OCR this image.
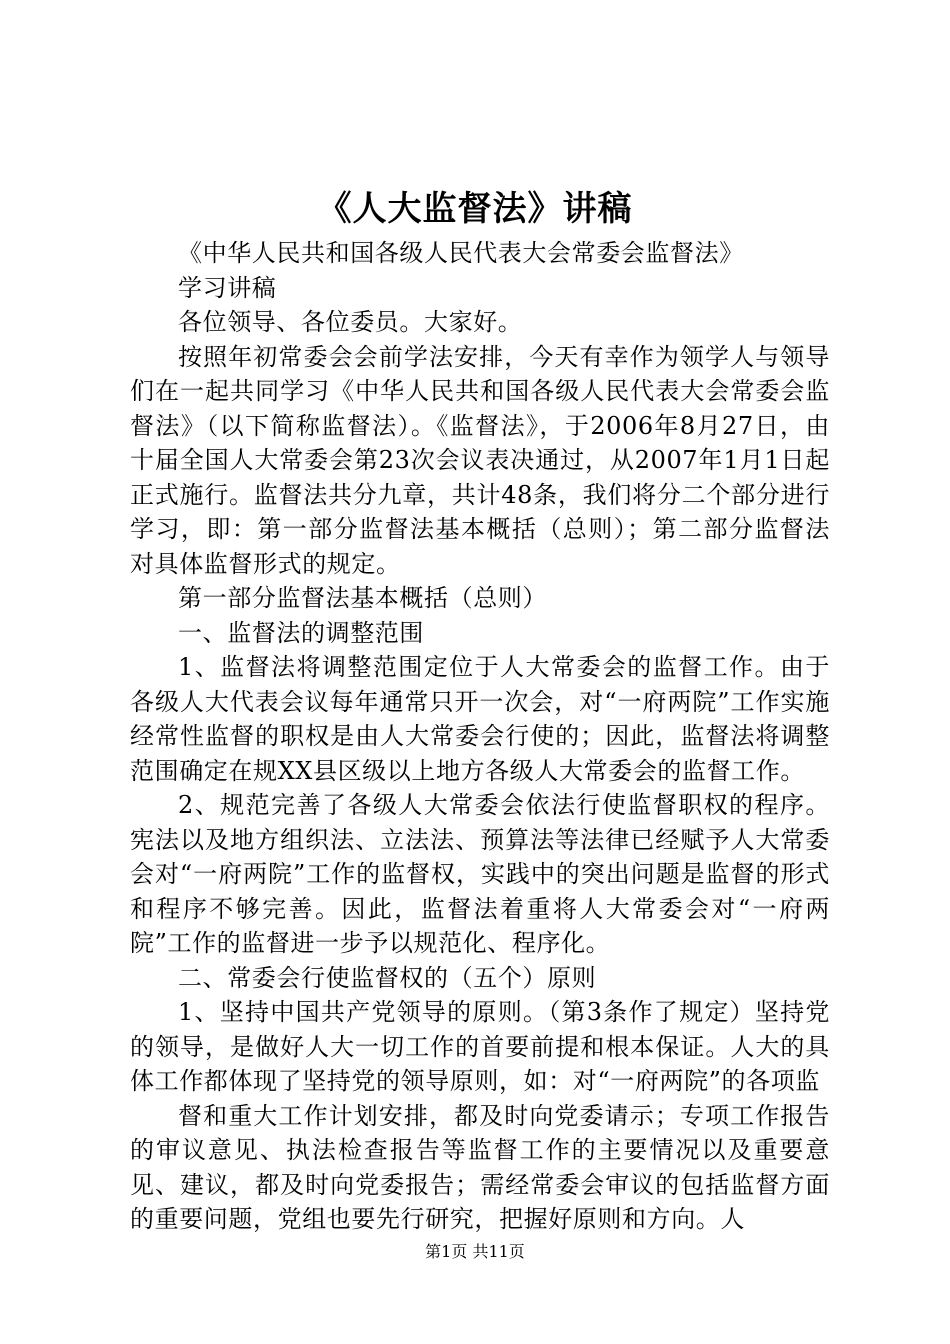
《人大监督法》讲稿

《中华人民共和国各级人民代表大会常委会监督法》

学习讲稿

各位领导、各位委员。大家好。

按照年初常委会会前学法安排，今天有幸作为领学人与领导们在一起共同学习《中华人民共和国各级人民代表大会常委会监督法》（以下简称监督法）。《监督法》，于2006年8月27日，由十届全国人大常委会第23次会议表决通过，从2007年1月1日起正式施行。监督法共分九章，共计48条，我们将分二个部分进行学习，即：第一部分监督法基本概括（总则）；第二部分监督法对具体监督形式的规定。

第一部分监督法基本概括（总则）

一、监督法的调整范围

1、监督法将调整范围定位于人大常委会的监督工作。由于各级人大代表会议每年通常只开一次会，对“一府两院”工作实施经常性监督的职权是由人大常委会行使的；因此，监督法将调整范围确定在规XX县区级以上地方各级人大常委会的监督工作。

2、规范完善了各级人大常委会依法行使监督职权的程序。宪法以及地方组织法、立法法、预算法等法律已经赋予人大常委会对“一府两院”工作的监督权，实践中的突出问题是监督的形式和程序不够完善。因此，监督法着重将人大常委会对“一府两院”工作的监督进一步予以规范化、程序化。

二、常委会行使监督权的（五个）原则

1、坚持中国共产党领导的原则。（第3条作了规定）坚持党的领导，是做好人大一切工作的首要前提和根本保证。人大的具体工作都体现了坚持党的领导原则，如：对“一府两院”的各项监

督和重大工作计划安排，都及时向党委请示；专项工作报告的审议意见、执法检查报告等监督工作的主要情况以及重要意见、建议，都及时向党委报告；需经常委会审议的包括监督方面的重要问题，党组也要先行研究，把握好原则和方向。人

第1页 共11页
